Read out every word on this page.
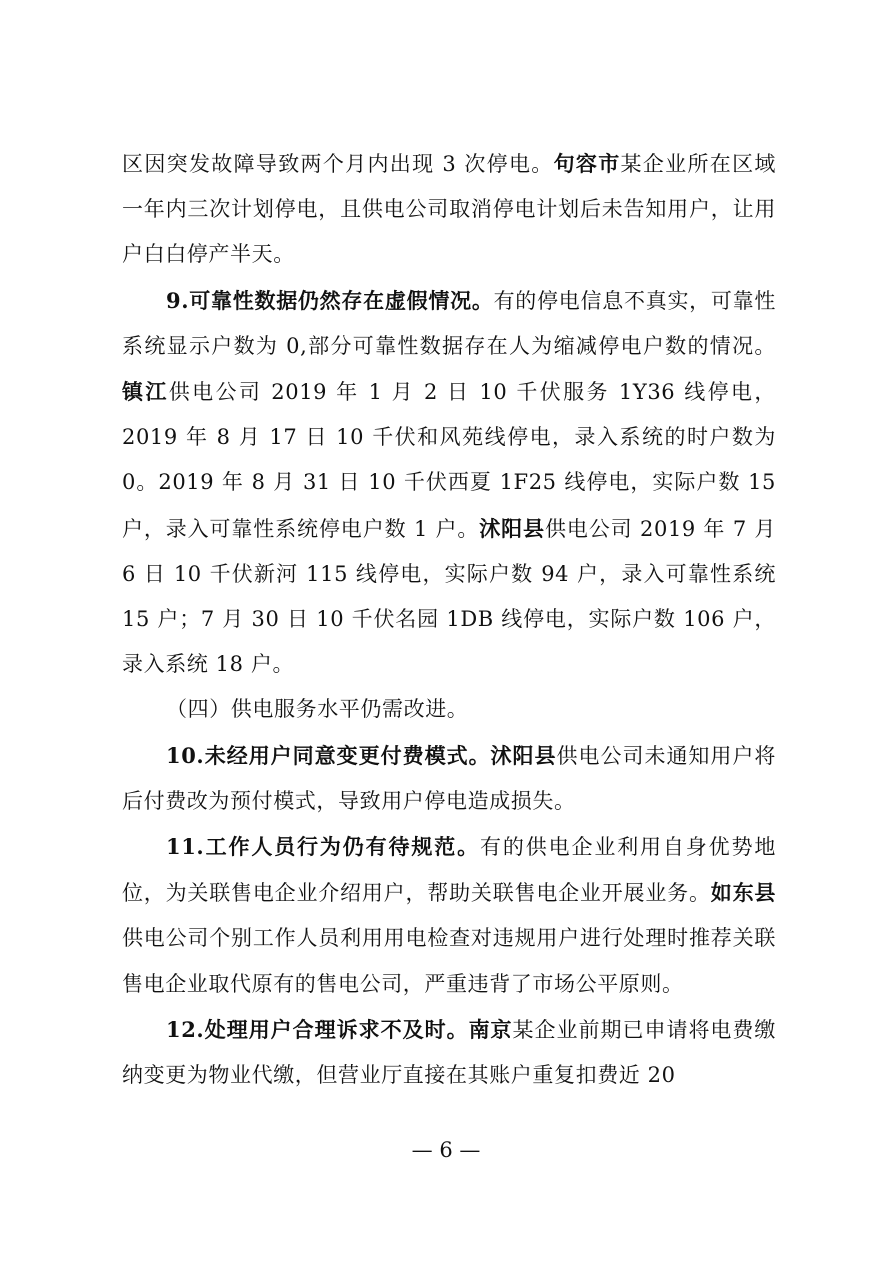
区因突发故障导致两个月内出现 3 次停电。句容市某企业所在区域一年内三次计划停电，且供电公司取消停电计划后未告知用户，让用户白白停产半天。

9.可靠性数据仍然存在虚假情况。有的停电信息不真实，可靠性系统显示户数为 0,部分可靠性数据存在人为缩减停电户数的情况。镇江供电公司 2019 年 1 月 2 日 10 千伏服务 1Y36 线停电， 2019 年 8 月 17 日 10 千伏和风苑线停电，录入系统的时户数为 0。2019 年 8 月 31 日 10 千伏西夏 1F25 线停电，实际户数 15 户，录入可靠性系统停电户数 1 户。沭阳县供电公司 2019 年 7 月 6 日 10 千伏新河 115 线停电，实际户数 94 户，录入可靠性系统 15 户；7 月 30 日 10 千伏名园 1DB 线停电，实际户数 106 户，录入系统 18 户。

（四）供电服务水平仍需改进。

10.未经用户同意变更付费模式。沭阳县供电公司未通知用户将后付费改为预付模式，导致用户停电造成损失。

11.工作人员行为仍有待规范。有的供电企业利用自身优势地位，为关联售电企业介绍用户，帮助关联售电企业开展业务。如东县供电公司个别工作人员利用用电检查对违规用户进行处理时推荐关联售电企业取代原有的售电公司，严重违背了市场公平原则。

12.处理用户合理诉求不及时。南京某企业前期已申请将电费缴纳变更为物业代缴，但营业厅直接在其账户重复扣费近 20

— 6 —
